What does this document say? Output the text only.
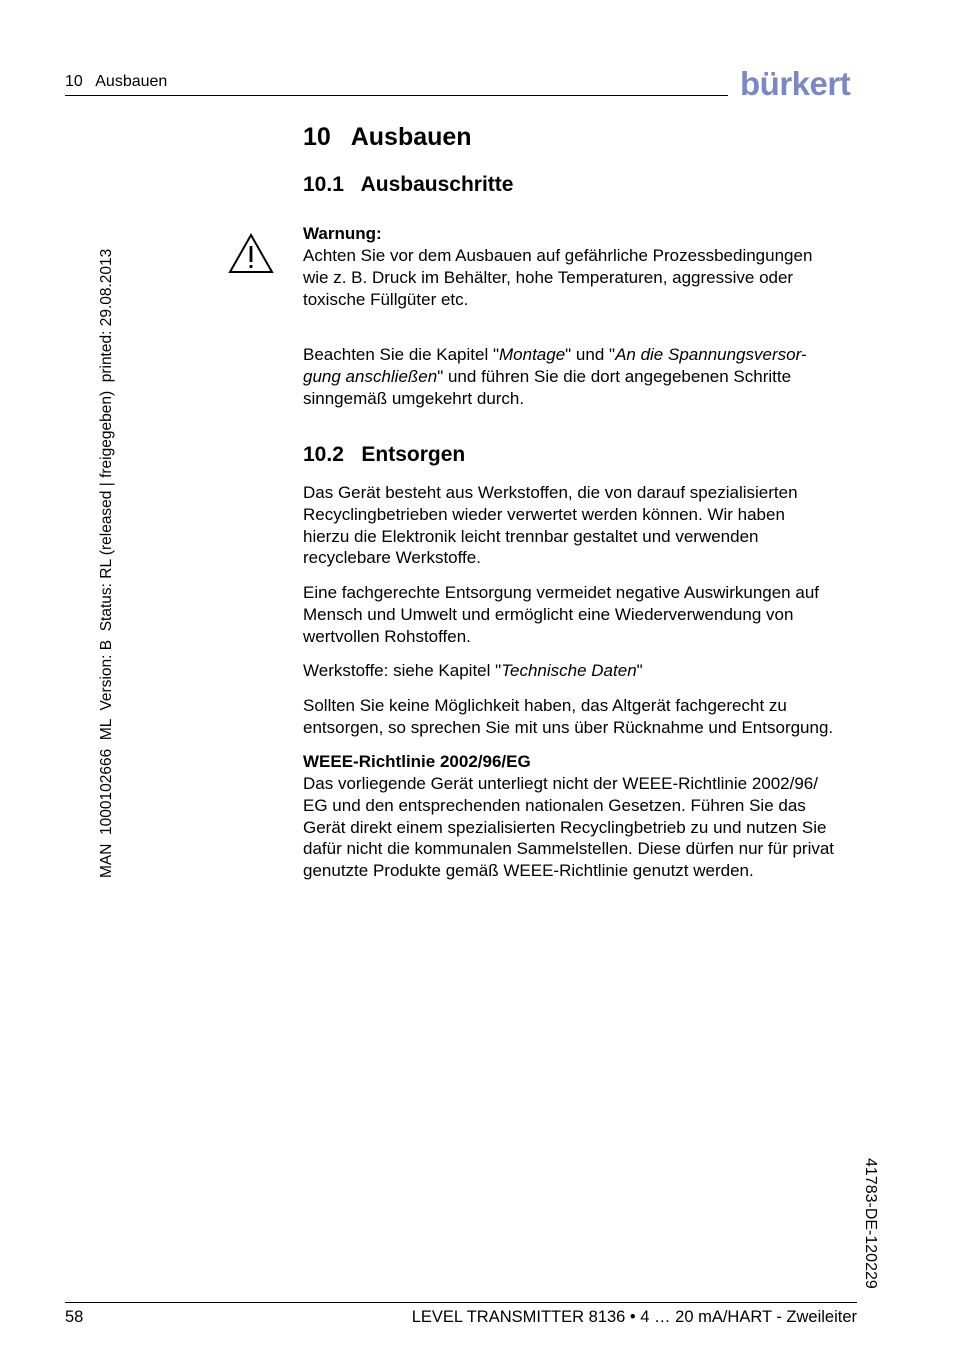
10   Ausbauen	bürkert
MAN  1000102666  ML  Version: B  Status: RL (released | freigegeben)  printed: 29.08.2013
41783-DE-120229
10   Ausbauen
10.1   Ausbauschritte
Warnung:
Achten Sie vor dem Ausbauen auf gefährliche Prozessbedingungen
wie z. B. Druck im Behälter, hohe Temperaturen, aggressive oder
toxische Füllgüter etc.
Beachten Sie die Kapitel "Montage" und "An die Spannungsversor-
gung anschließen" und führen Sie die dort angegebenen Schritte
sinngemäß umgekehrt durch.
10.2   Entsorgen
Das Gerät besteht aus Werkstoffen, die von darauf spezialisierten
Recyclingbetrieben wieder verwertet werden können. Wir haben
hierzu die Elektronik leicht trennbar gestaltet und verwenden
recyclebare Werkstoffe.
Eine fachgerechte Entsorgung vermeidet negative Auswirkungen auf
Mensch und Umwelt und ermöglicht eine Wiederverwendung von
wertvollen Rohstoffen.
Werkstoffe: siehe Kapitel "Technische Daten"
Sollten Sie keine Möglichkeit haben, das Altgerät fachgerecht zu
entsorgen, so sprechen Sie mit uns über Rücknahme und Entsorgung.
WEEE-Richtlinie 2002/96/EG
Das vorliegende Gerät unterliegt nicht der WEEE-Richtlinie 2002/96/
EG und den entsprechenden nationalen Gesetzen. Führen Sie das
Gerät direkt einem spezialisierten Recyclingbetrieb zu und nutzen Sie
dafür nicht die kommunalen Sammelstellen. Diese dürfen nur für privat
genutzte Produkte gemäß WEEE-Richtlinie genutzt werden.
58	LEVEL TRANSMITTER 8136 • 4 … 20 mA/HART - Zweileiter
